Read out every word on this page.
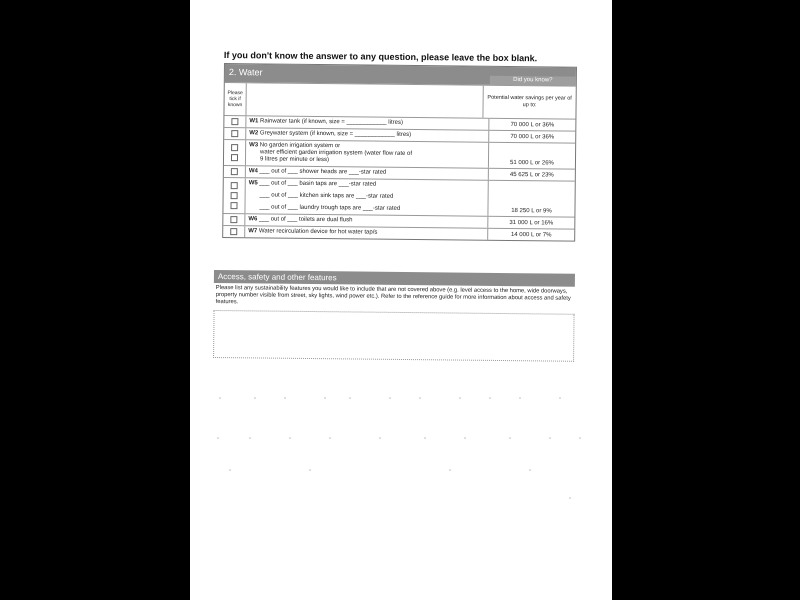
If you don't know the answer to any question, please leave the box blank.
2. Water
Did you know?
Please tick if known
Potential water savings per year of up to:
W1
Rainwater tank (if known, size = ____________ litres)	70 000 L or 36%
W2
Greywater system (if known, size = ____________ litres)	70 000 L or 36%
W3
No garden irrigation system or
water efficient garden irrigation system (water flow rate of
9 litres per minute or less)
51 000 L or 26%
W4
___ out of ___ shower heads are ___-star rated	45 625 L or 23%
W5
___ out of ___ basin taps are ___-star rated
___ out of ___ kitchen sink taps are ___-star rated
___ out of ___ laundry trough taps are ___-star rated	18 250 L or 9%
W6
___ out of ___ toilets are dual flush	31 000 L or 16%
W7
Water recirculation device for hot water tap/s	14 000 L or 7%
Access, safety and other features
Please list any sustainability features you would like to include that are not covered above (e.g. level access to the home, wide doorways, property number visible from street, sky lights, wind power etc.). Refer to the reference guide for more information about access and safety features.
